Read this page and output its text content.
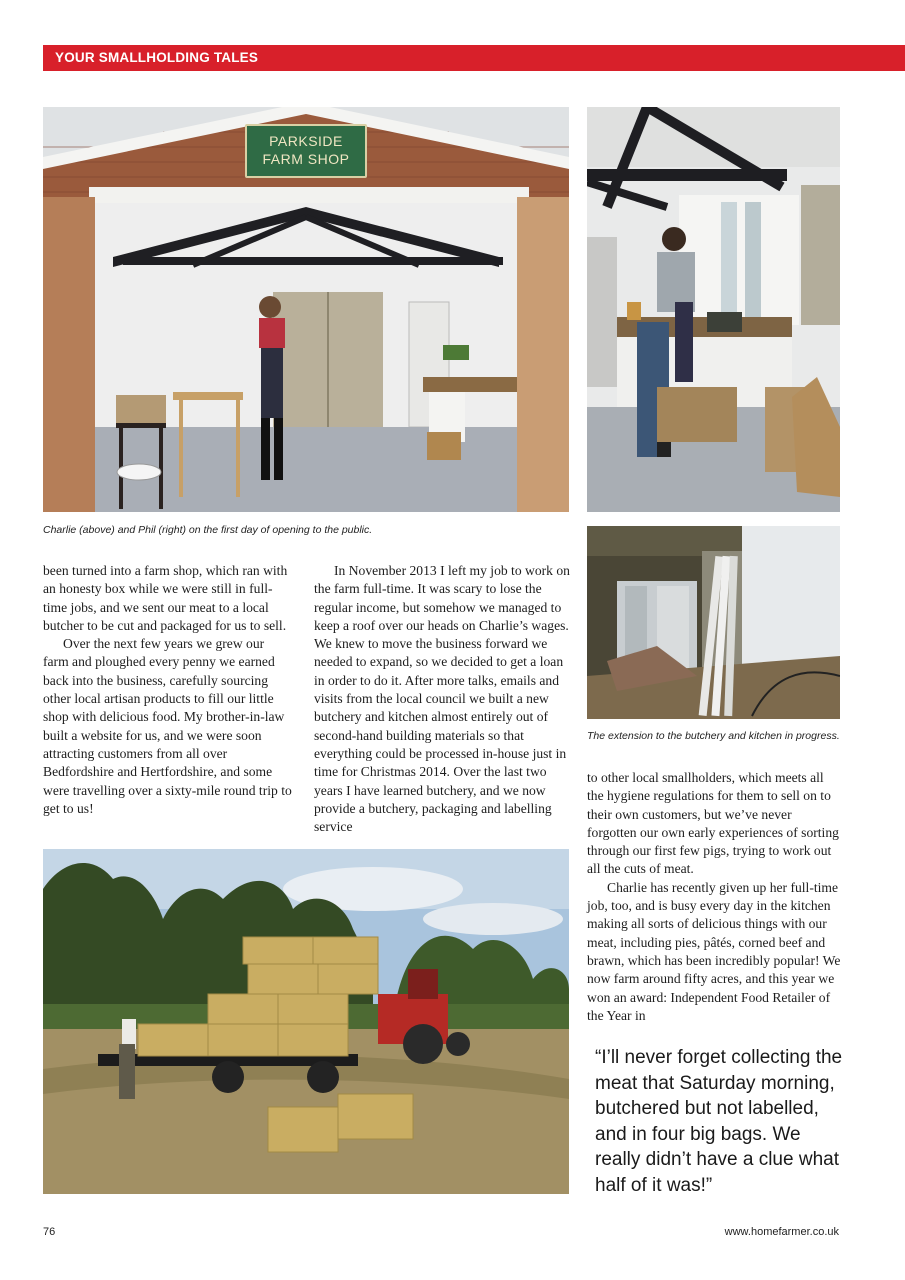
YOUR SMALLHOLDING TALES
PARKSIDE
FARM SHOP
Charlie (above) and Phil (right) on the first day of opening to the public.
The extension to the butchery and kitchen in progress.

been turned into a farm shop, which ran with an honesty box while we were still in full-time jobs, and we sent our meat to a local butcher to be cut and packaged for us to sell.

Over the next few years we grew our farm and ploughed every penny we earned back into the business, carefully sourcing other local artisan products to fill our little shop with delicious food. My brother-in-law built a website for us, and we were soon attracting customers from all over Bedfordshire and Hertfordshire, and some were travelling over a sixty-mile round trip to get to us!

In November 2013 I left my job to work on the farm full-time. It was scary to lose the regular income, but somehow we managed to keep a roof over our heads on Charlie’s wages. We knew to move the business forward we needed to expand, so we decided to get a loan in order to do it. After more talks, emails and visits from the local council we built a new butchery and kitchen almost entirely out of second-hand building materials so that everything could be processed in-house just in time for Christmas 2014. Over the last two years I have learned butchery, and we now provide a butchery, packaging and labelling service

to other local smallholders, which meets all the hygiene regulations for them to sell on to their own customers, but we’ve never forgotten our own early experiences of sorting through our first few pigs, trying to work out all the cuts of meat.

Charlie has recently given up her full-time job, too, and is busy every day in the kitchen making all sorts of delicious things with our meat, including pies, pâtés, corned beef and brawn, which has been incredibly popular! We now farm around fifty acres, and this year we won an award: Independent Food Retailer of the Year in

“I’ll never forget collecting the meat that Saturday morning, butchered but not labelled, and in four big bags. We really didn’t have a clue what half of it was!”
76	www.homefarmer.co.uk
